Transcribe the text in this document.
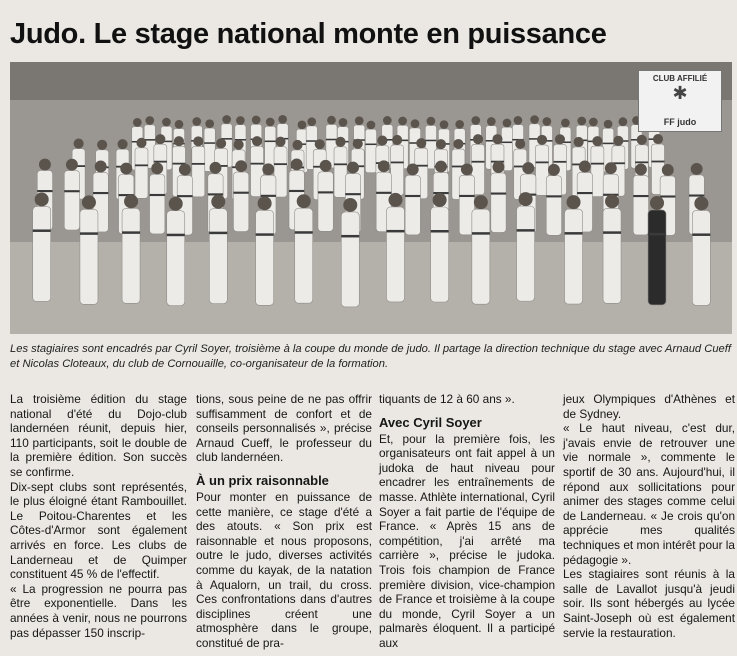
Judo. Le stage national monte en puissance
CLUB AFFILIÉ
✱
FF judo

Les stagiaires sont encadrés par Cyril Soyer, troisième à la coupe du monde de judo. Il partage la direction technique du stage avec Arnaud Cueff et Nicolas Cloteaux, du club de Cornouaille, co-organisateur de la formation.

La troisième édition du stage national d'été du Dojo-club landernéen réunit, depuis hier, 110 participants, soit le double de la première édition. Son succès se confirme.

Dix-sept clubs sont représentés, le plus éloigné étant Rambouillet. Le Poitou-Charentes et les Côtes-d'Armor sont également arrivés en force. Les clubs de Landerneau et de Quimper constituent 45 % de l'effectif.

« La progression ne pourra pas être exponentielle. Dans les années à venir, nous ne pourrons pas dépasser 150 inscrip-

tions, sous peine de ne pas offrir suffisamment de confort et de conseils personnalisés », précise Arnaud Cueff, le professeur du club landernéen.

À un prix raisonnable

Pour monter en puissance de cette manière, ce stage d'été a des atouts. « Son prix est raisonnable et nous proposons, outre le judo, diverses activités comme du kayak, de la natation à Aqualorn, un trail, du cross. Ces confrontations dans d'autres disciplines créent une atmosphère dans le groupe, constitué de pra-

tiquants de 12 à 60 ans ».

Avec Cyril Soyer

Et, pour la première fois, les organisateurs ont fait appel à un judoka de haut niveau pour encadrer les entraînements de masse. Athlète international, Cyril Soyer a fait partie de l'équipe de France. « Après 15 ans de compétition, j'ai arrêté ma carrière », précise le judoka. Trois fois champion de France première division, vice-champion de France et troisième à la coupe du monde, Cyril Soyer a un palmarès éloquent. Il a participé aux

jeux Olympiques d'Athènes et de Sydney.

« Le haut niveau, c'est dur, j'avais envie de retrouver une vie normale », commente le sportif de 30 ans. Aujourd'hui, il répond aux sollicitations pour animer des stages comme celui de Landerneau. « Je crois qu'on apprécie mes qualités techniques et mon intérêt pour la pédagogie ».

Les stagiaires sont réunis à la salle de Lavallot jusqu'à jeudi soir. Ils sont hébergés au lycée Saint-Joseph où est également servie la restauration.
